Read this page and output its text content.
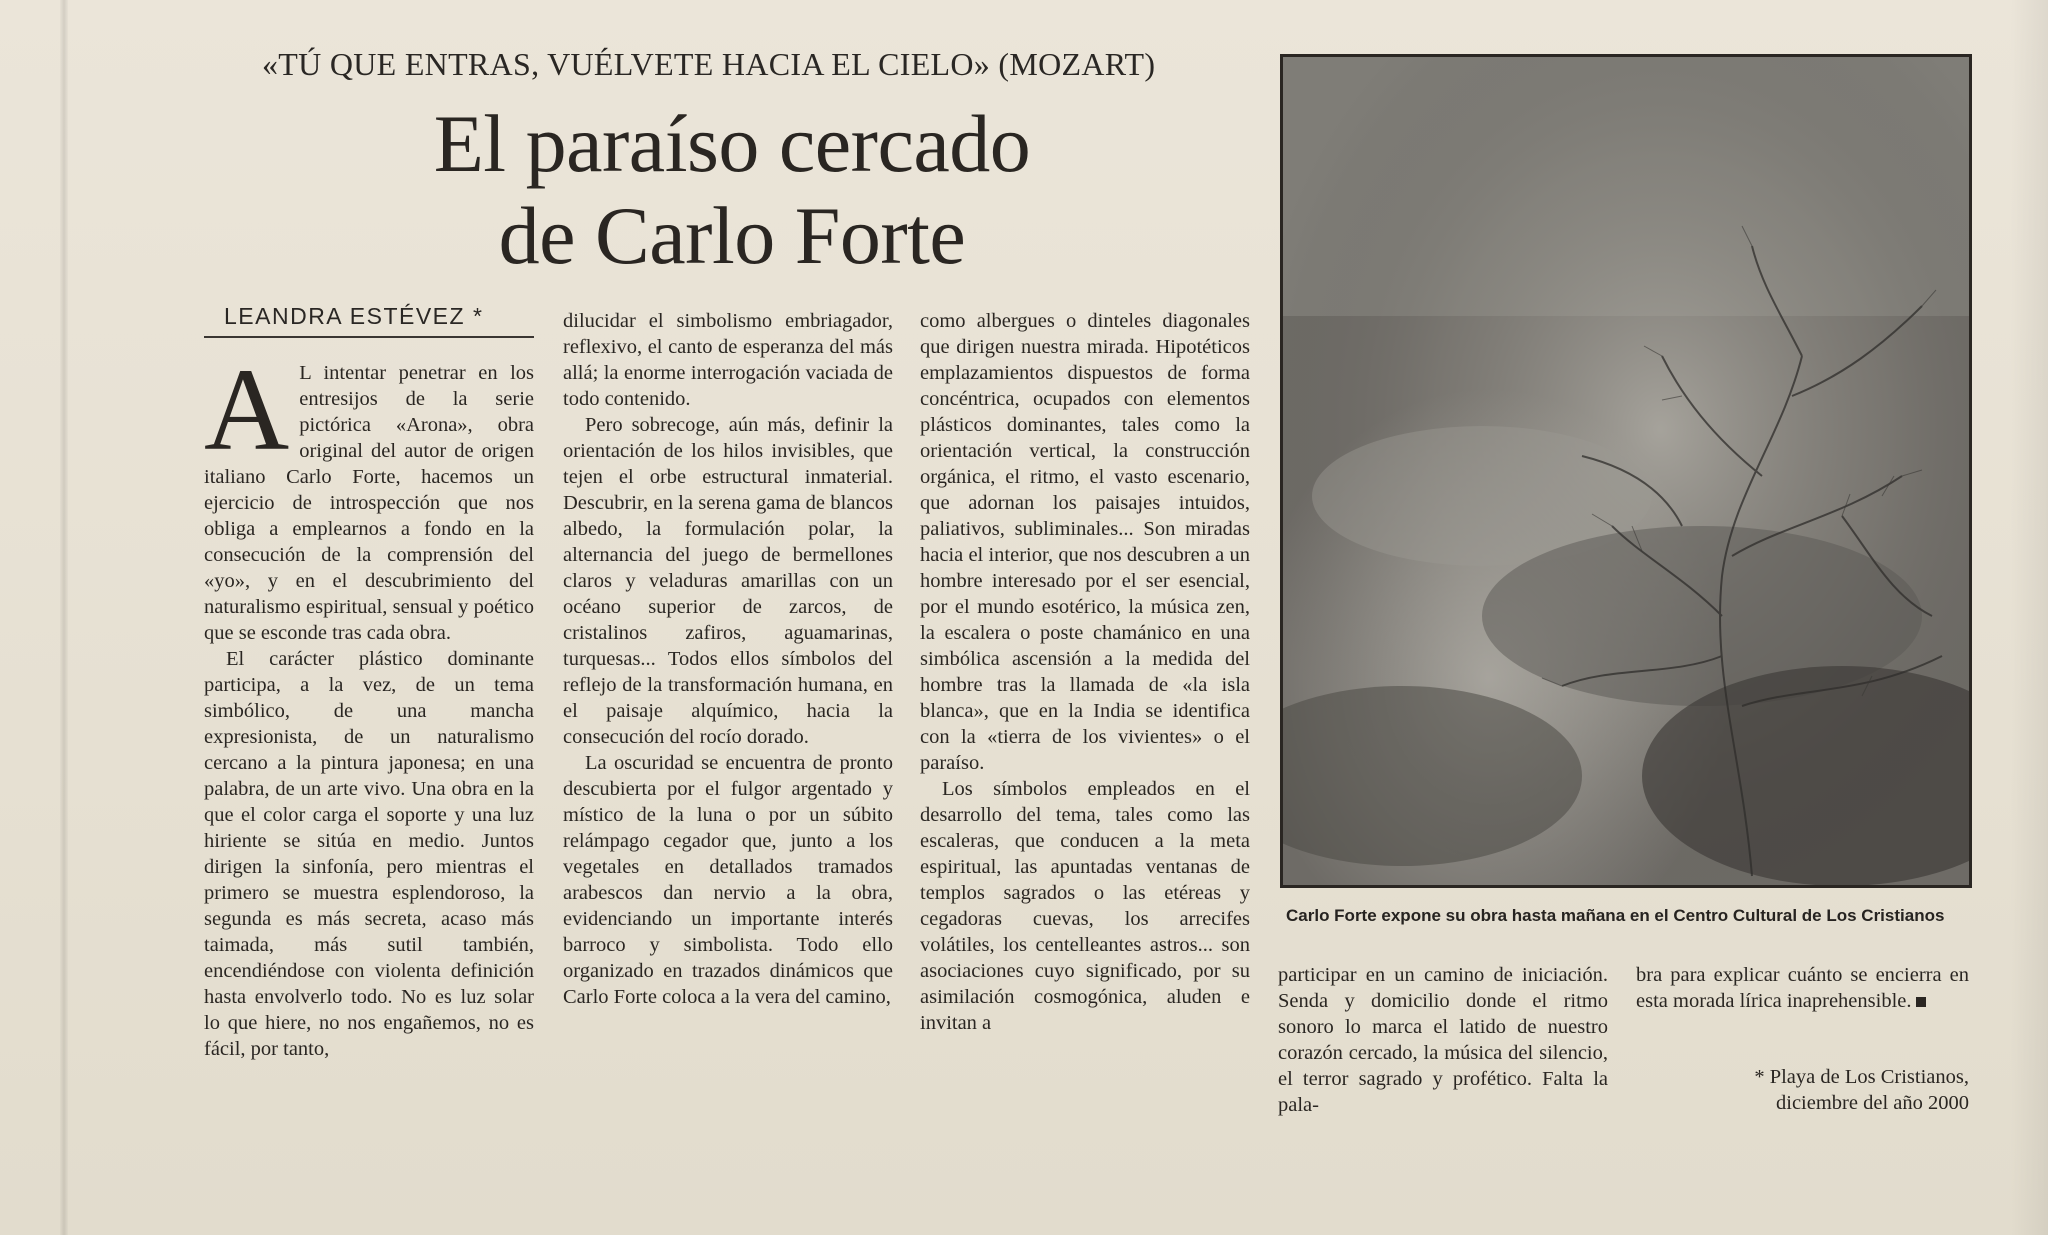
«TÚ QUE ENTRAS, VUÉLVETE HACIA EL CIELO» (MOZART)
El paraíso cercado
de Carlo Forte
LEANDRA ESTÉVEZ *

A L intentar penetrar en los entresijos de la serie pictórica «Arona», obra original del autor de origen italiano Carlo Forte, hacemos un ejercicio de introspección que nos obliga a emplearnos a fondo en la consecución de la comprensión del «yo», y en el descubrimiento del naturalismo espiritual, sensual y poético que se esconde tras cada obra.

El carácter plástico dominante participa, a la vez, de un tema simbólico, de una mancha expresionista, de un naturalismo cercano a la pintura japonesa; en una palabra, de un arte vivo. Una obra en la que el color carga el soporte y una luz hiriente se sitúa en medio. Juntos dirigen la sinfonía, pero mientras el primero se muestra esplendoroso, la segunda es más secreta, acaso más taimada, más sutil también, encendiéndose con violenta definición hasta envolverlo todo. No es luz solar lo que hiere, no nos engañemos, no es fácil, por tanto,

dilucidar el simbolismo embriagador, reflexivo, el canto de esperanza del más allá; la enorme interrogación vaciada de todo contenido.

Pero sobrecoge, aún más, definir la orientación de los hilos invisibles, que tejen el orbe estructural inmaterial. Descubrir, en la serena gama de blancos albedo, la formulación polar, la alternancia del juego de bermellones claros y veladuras amarillas con un océano superior de zarcos, de cristalinos zafiros, aguamarinas, turquesas... Todos ellos símbolos del reflejo de la transformación humana, en el paisaje alquímico, hacia la consecución del rocío dorado.

La oscuridad se encuentra de pronto descubierta por el fulgor argentado y místico de la luna o por un súbito relámpago cegador que, junto a los vegetales en detallados tramados arabescos dan nervio a la obra, evidenciando un importante interés barroco y simbolista. Todo ello organizado en trazados dinámicos que Carlo Forte coloca a la vera del camino,

como albergues o dinteles diagonales que dirigen nuestra mirada. Hipotéticos emplazamientos dispuestos de forma concéntrica, ocupados con elementos plásticos dominantes, tales como la orientación vertical, la construcción orgánica, el ritmo, el vasto escenario, que adornan los paisajes intuidos, paliativos, subliminales... Son miradas hacia el interior, que nos descubren a un hombre interesado por el ser esencial, por el mundo esotérico, la música zen, la escalera o poste chamánico en una simbólica ascensión a la medida del hombre tras la llamada de «la isla blanca», que en la India se identifica con la «tierra de los vivientes» o el paraíso.

Los símbolos empleados en el desarrollo del tema, tales como las escaleras, que conducen a la meta espiritual, las apuntadas ventanas de templos sagrados o las etéreas y cegadoras cuevas, los arrecifes volátiles, los centelleantes astros... son asociaciones cuyo significado, por su asimilación cosmogónica, aluden e invitan a

Carlo Forte expone su obra hasta mañana en el Centro Cultural de Los Cristianos

participar en un camino de iniciación. Senda y domicilio donde el ritmo sonoro lo marca el latido de nuestro corazón cercado, la música del silencio, el terror sagrado y profético. Falta la pala-

bra para explicar cuánto se encierra en esta morada lírica inaprehensible.

* Playa de Los Cristianos,
diciembre del año 2000
